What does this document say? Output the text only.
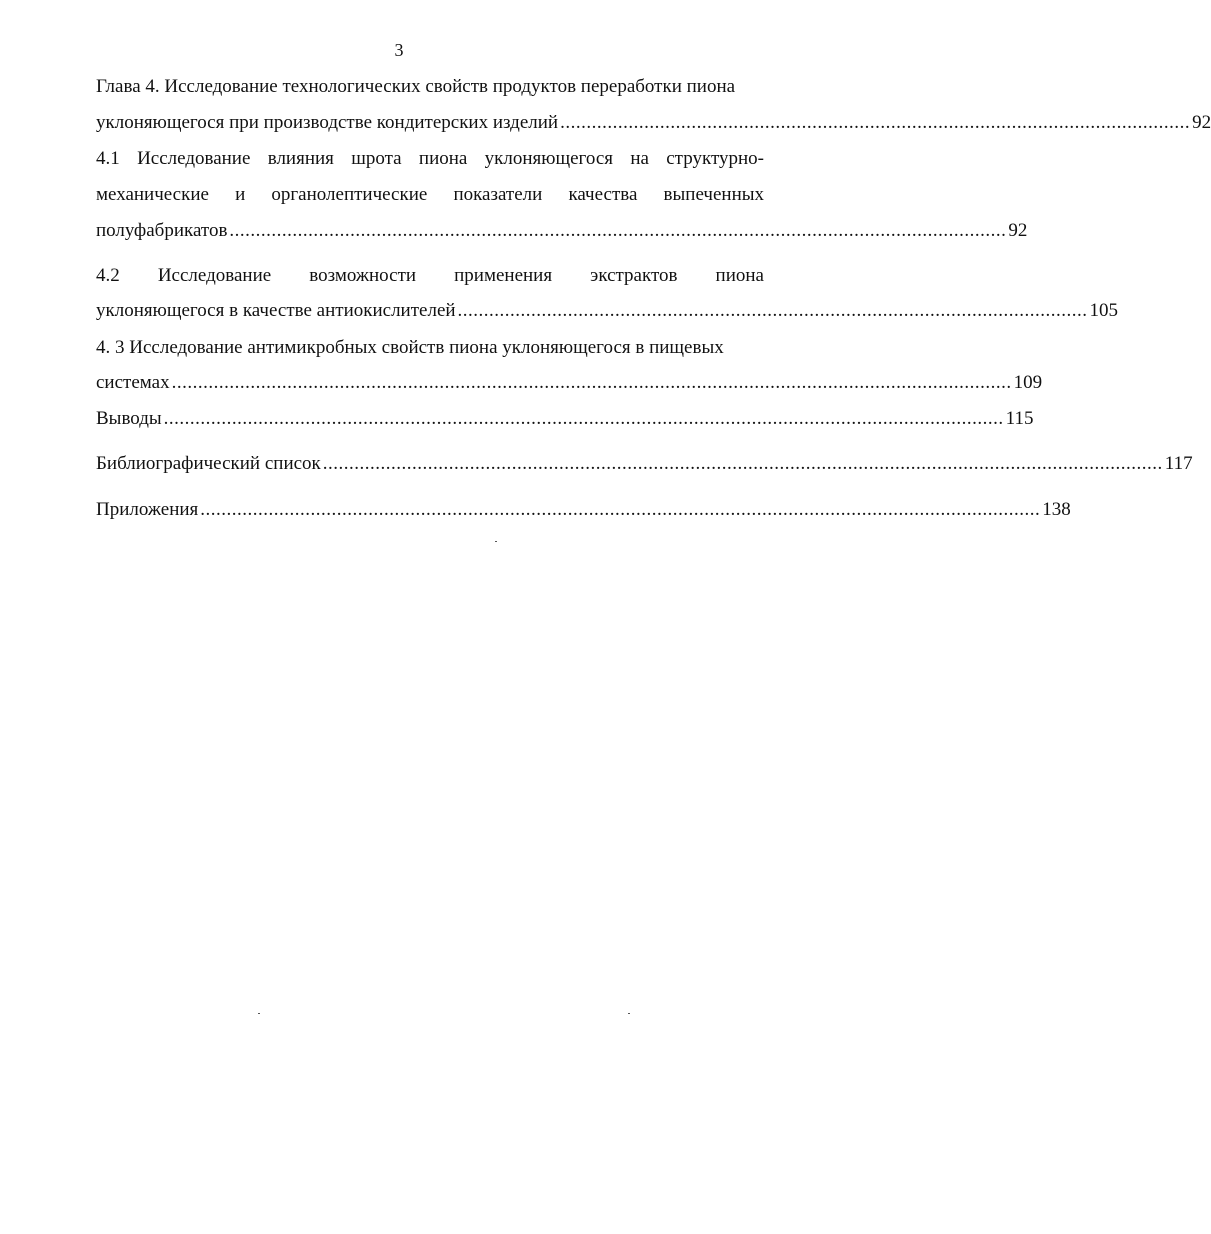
3
Глава 4. Исследование технологических свойств продуктов переработки пиона
уклоняющегося при производстве кондитерских изделий ........................................................................................................................ 92
4.1 Исследование влияния шрота пиона уклоняющегося на структурно-
механические и органолептические показатели качества выпеченных
полуфабрикатов .................................................................................................................................................... 92
4.2 Исследование возможности применения экстрактов пиона
уклоняющегося в качестве антиокислителей ........................................................................................................................ 105
4. 3 Исследование антимикробных свойств пиона уклоняющегося в пищевых
системах ................................................................................................................................................................ 109
Выводы ................................................................................................................................................................ 115
Библиографический список ................................................................................................................................................................ 117
Приложения ................................................................................................................................................................ 138
